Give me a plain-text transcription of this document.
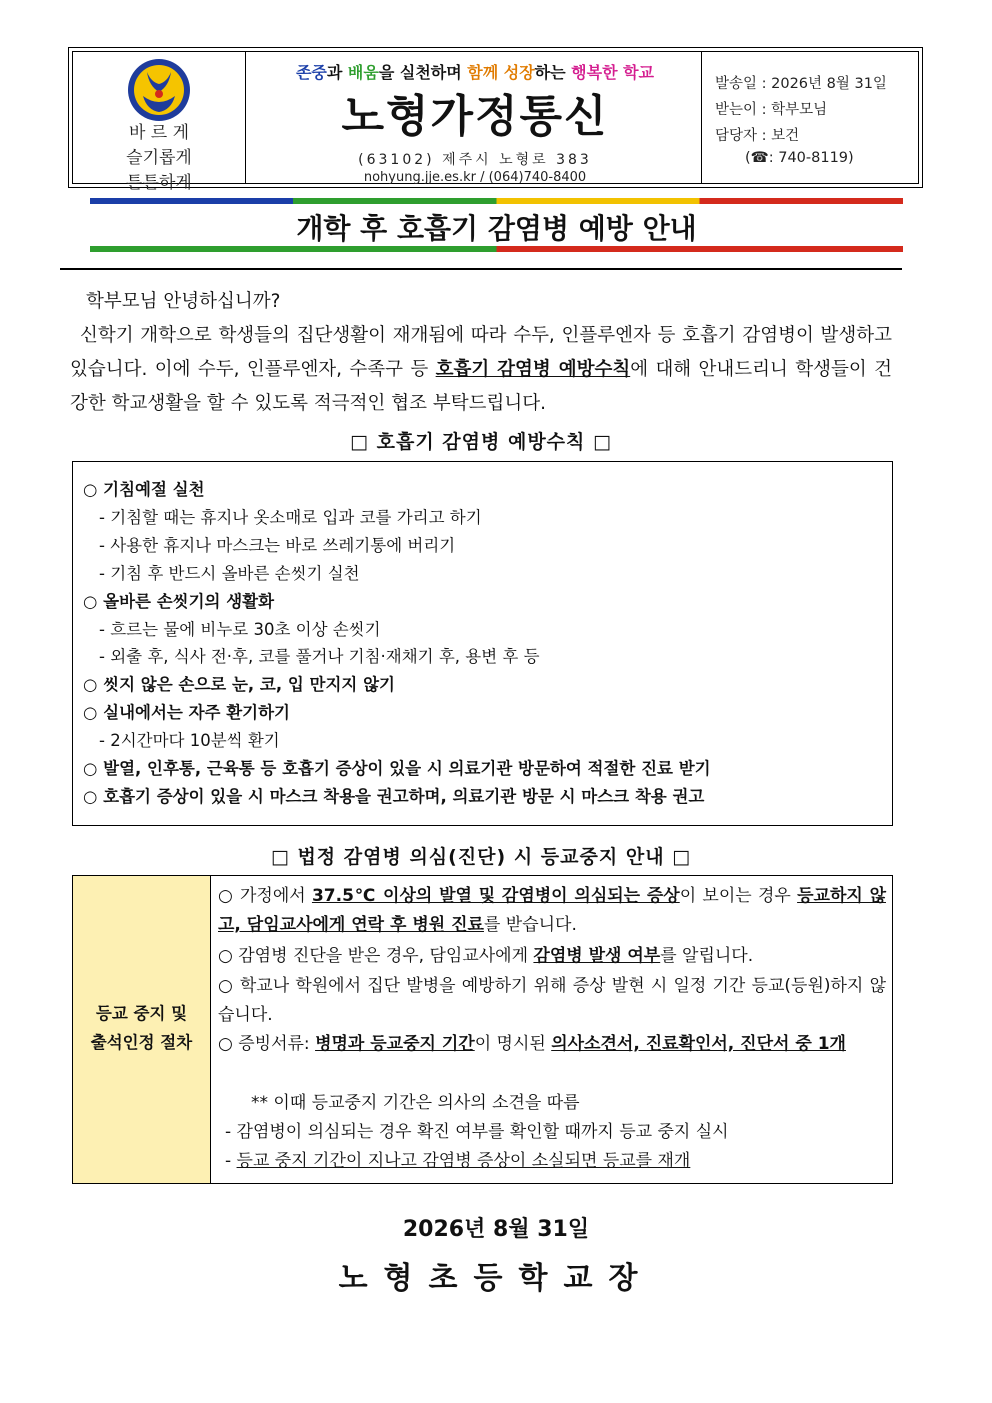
바 르 게
슬기롭게
튼튼하게
존중과 배움을 실천하며 함께 성장하는 행복한 학교
노형가정통신
(63102) 제주시 노형로 383
nohyung.jje.es.kr / (064)740-8400
발송일 : 2026년 8월 31일
받는이 : 학부모님
담당자 : 보건
(☎: 740-8119)
개학 후 호흡기 감염병 예방 안내
학부모님 안녕하십니까?
신학기 개학으로 학생들의 집단생활이 재개됨에 따라 수두, 인플루엔자 등 호흡기 감염병이 발생하고 있습니다. 이에 수두, 인플루엔자, 수족구 등 호흡기 감염병 예방수칙에 대해 안내드리니 학생들이 건강한 학교생활을 할 수 있도록 적극적인 협조 부탁드립니다.
□ 호흡기 감염병 예방수칙 □
○ 기침예절 실천
- 기침할 때는 휴지나 옷소매로 입과 코를 가리고 하기
- 사용한 휴지나 마스크는 바로 쓰레기통에 버리기
- 기침 후 반드시 올바른 손씻기 실천
○ 올바른 손씻기의 생활화
- 흐르는 물에 비누로 30초 이상 손씻기
- 외출 후, 식사 전·후, 코를 풀거나 기침·재채기 후, 용변 후 등
○ 씻지 않은 손으로 눈, 코, 입 만지지 않기
○ 실내에서는 자주 환기하기
- 2시간마다 10분씩 환기
○ 발열, 인후통, 근육통 등 호흡기 증상이 있을 시 의료기관 방문하여 적절한 진료 받기
○ 호흡기 증상이 있을 시 마스크 착용을 권고하며, 의료기관 방문 시 마스크 착용 권고
□ 법정 감염병 의심(진단) 시 등교중지 안내 □
등교 중지 및
출석인정 절차
○ 가정에서 37.5℃ 이상의 발열 및 감염병이 의심되는 증상이 보이는 경우 등교하지 않고, 담임교사에게 연락 후 병원 진료를 받습니다.
○ 감염병 진단을 받은 경우, 담임교사에게 감염병 발생 여부를 알립니다.
○ 학교나 학원에서 집단 발병을 예방하기 위해 증상 발현 시 일정 기간 등교(등원)하지 않습니다.
○ 증빙서류: 병명과 등교중지 기간이 명시된 의사소견서, 진료확인서, 진단서 중 1개
** 이때 등교중지 기간은 의사의 소견을 따름
- 감염병이 의심되는 경우 확진 여부를 확인할 때까지 등교 중지 실시
- 등교 중지 기간이 지나고 감염병 증상이 소실되면 등교를 재개
2026년 8월 31일
노형초등학교장
